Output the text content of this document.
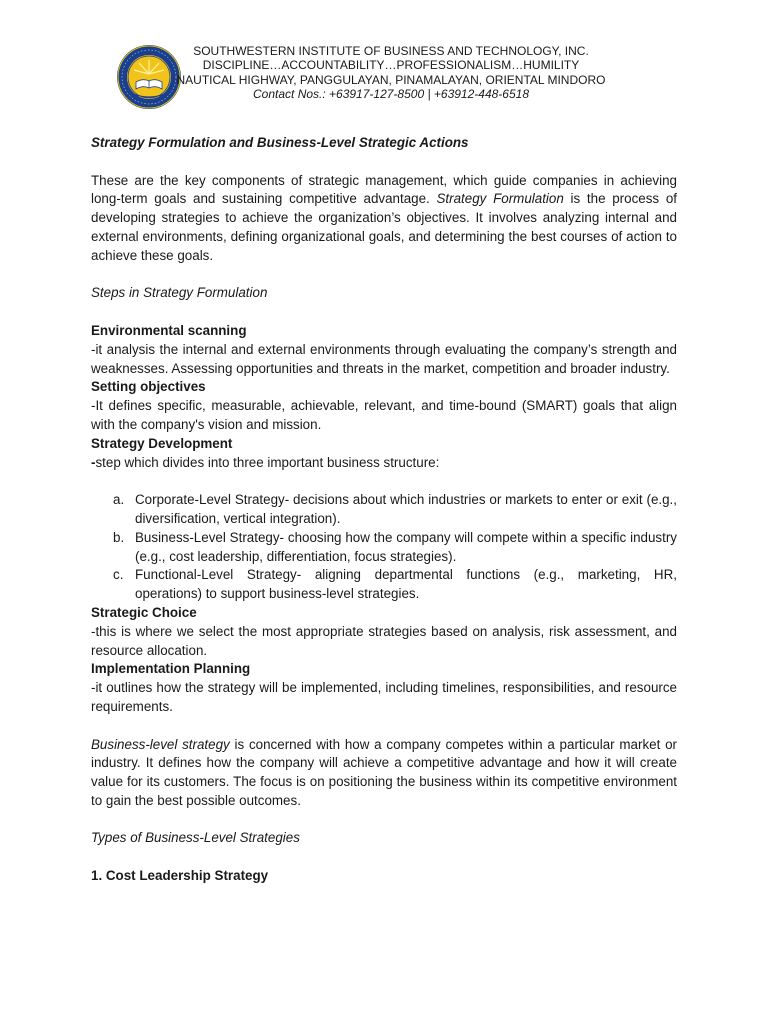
SOUTHWESTERN INSTITUTE OF BUSINESS AND TECHNOLOGY, INC.
DISCIPLINE…ACCOUNTABILITY…PROFESSIONALISM…HUMILITY
NAUTICAL HIGHWAY, PANGGULAYAN, PINAMALAYAN, ORIENTAL MINDORO
Contact Nos.: +63917-127-8500 | +63912-448-6518

Strategy Formulation and Business-Level Strategic Actions

These are the key components of strategic management, which guide companies in achieving long-term goals and sustaining competitive advantage. Strategy Formulation is the process of developing strategies to achieve the organization’s objectives. It involves analyzing internal and external environments, defining organizational goals, and determining the best courses of action to achieve these goals.

Steps in Strategy Formulation

Environmental scanning

-it analysis the internal and external environments through evaluating the company’s strength and weaknesses. Assessing opportunities and threats in the market, competition and broader industry.

Setting objectives

-It defines specific, measurable, achievable, relevant, and time-bound (SMART) goals that align with the company's vision and mission.

Strategy Development

-step which divides into three important business structure:

a. Corporate-Level Strategy- decisions about which industries or markets to enter or exit (e.g., diversification, vertical integration).
b. Business-Level Strategy- choosing how the company will compete within a specific industry (e.g., cost leadership, differentiation, focus strategies).
c. Functional-Level Strategy- aligning departmental functions (e.g., marketing, HR, operations) to support business-level strategies.

Strategic Choice

-this is where we select the most appropriate strategies based on analysis, risk assessment, and resource allocation.

Implementation Planning

-it outlines how the strategy will be implemented, including timelines, responsibilities, and resource requirements.

Business-level strategy is concerned with how a company competes within a particular market or industry. It defines how the company will achieve a competitive advantage and how it will create value for its customers. The focus is on positioning the business within its competitive environment to gain the best possible outcomes.

Types of Business-Level Strategies

1. Cost Leadership Strategy
